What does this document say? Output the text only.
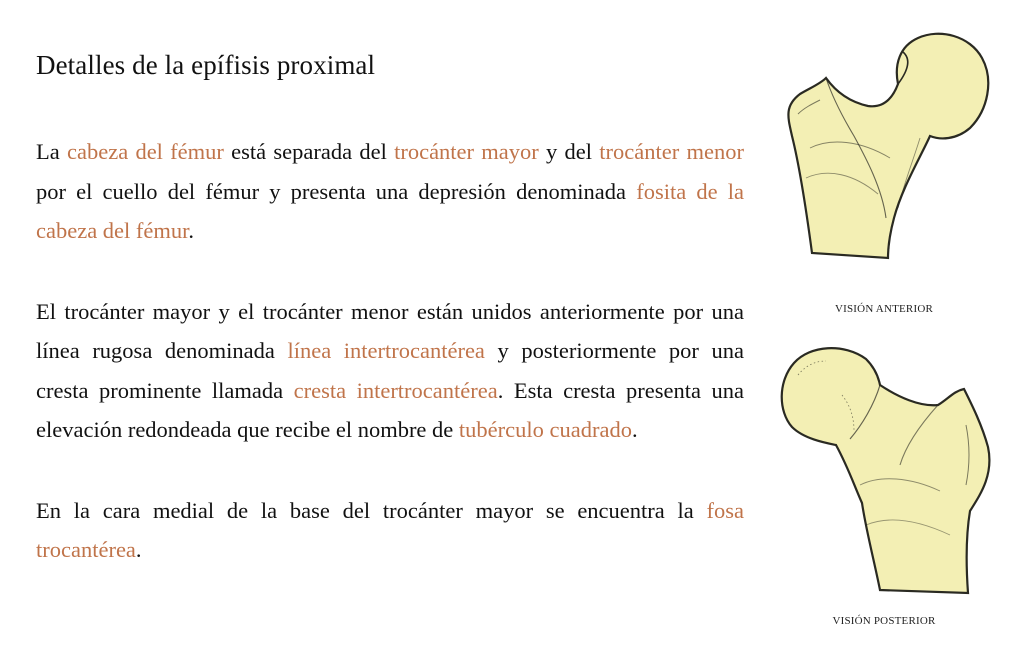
Detalles de la epífisis proximal

La cabeza del fémur está separada del trocánter mayor y del trocánter menor por el cuello del fémur y presenta una depresión denominada fosita de la cabeza del fémur.

El trocánter mayor y el trocánter menor están unidos anteriormente por una línea rugosa denominada línea intertrocantérea y posteriormente por una cresta prominente llamada cresta intertrocantérea. Esta cresta presenta una elevación redondeada que recibe el nombre de tubérculo cuadrado.

En la cara medial de la base del trocánter mayor se encuentra la fosa trocantérea.

VISIÓN ANTERIOR
VISIÓN POSTERIOR
